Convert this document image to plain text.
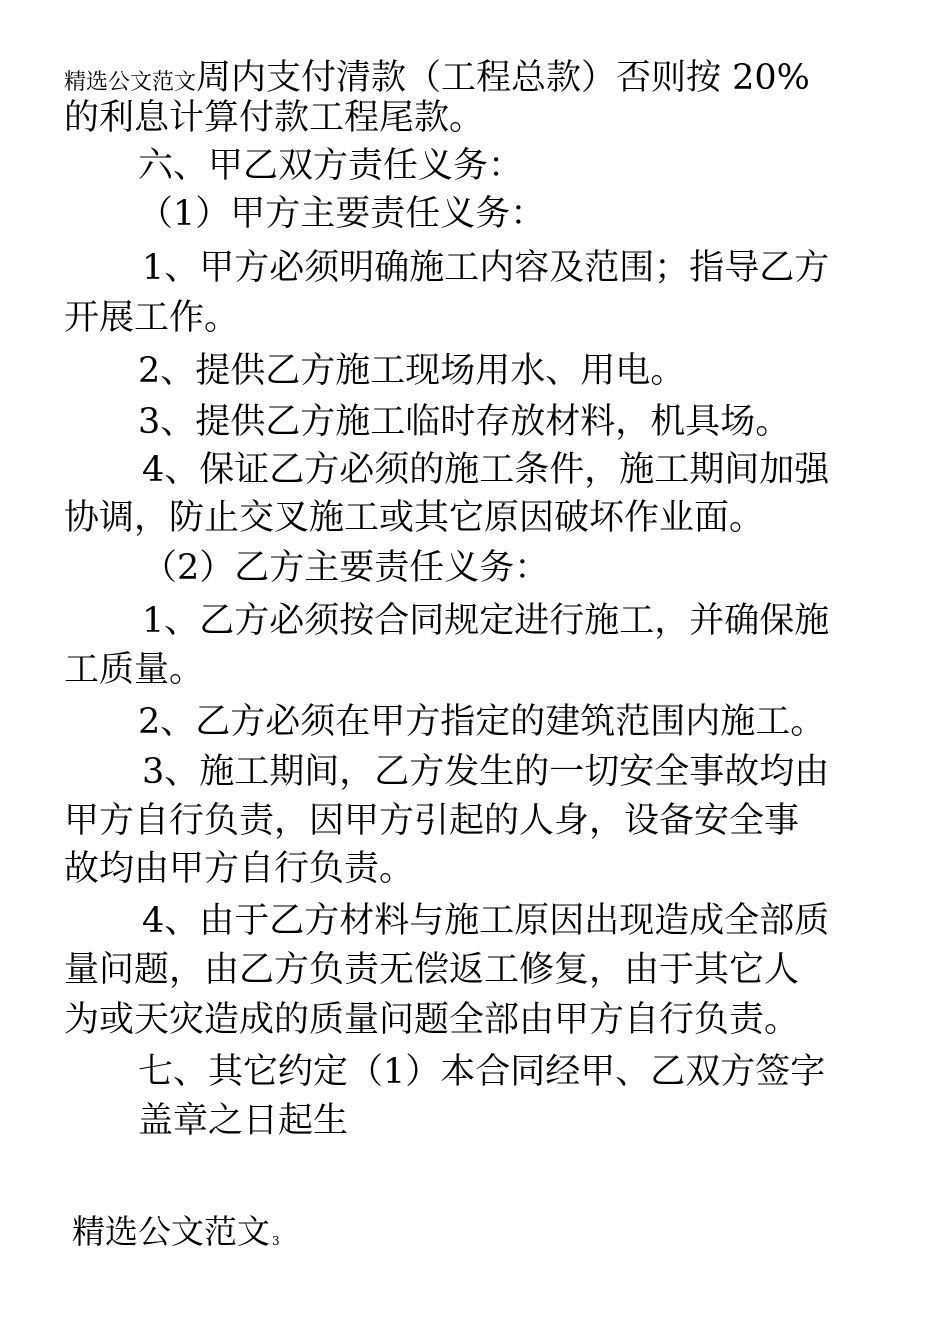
精选公文范文周内支付清款（工程总款）否则按 20%
的利息计算付款工程尾款。
六、甲乙双方责任义务：
（1）甲方主要责任义务：
1、甲方必须明确施工内容及范围；指导乙方
开展工作。
2、提供乙方施工现场用水、用电。
3、提供乙方施工临时存放材料，机具场。
4、保证乙方必须的施工条件，施工期间加强
协调，防止交叉施工或其它原因破坏作业面。
（2）乙方主要责任义务：
1、乙方必须按合同规定进行施工，并确保施
工质量。
2、乙方必须在甲方指定的建筑范围内施工。
3、施工期间，乙方发生的一切安全事故均由
甲方自行负责，因甲方引起的人身，设备安全事
故均由甲方自行负责。
4、由于乙方材料与施工原因出现造成全部质
量问题，由乙方负责无偿返工修复，由于其它人
为或天灾造成的质量问题全部由甲方自行负责。
七、其它约定（1）本合同经甲、乙双方签字
盖章之日起生
精选公文范文 3
